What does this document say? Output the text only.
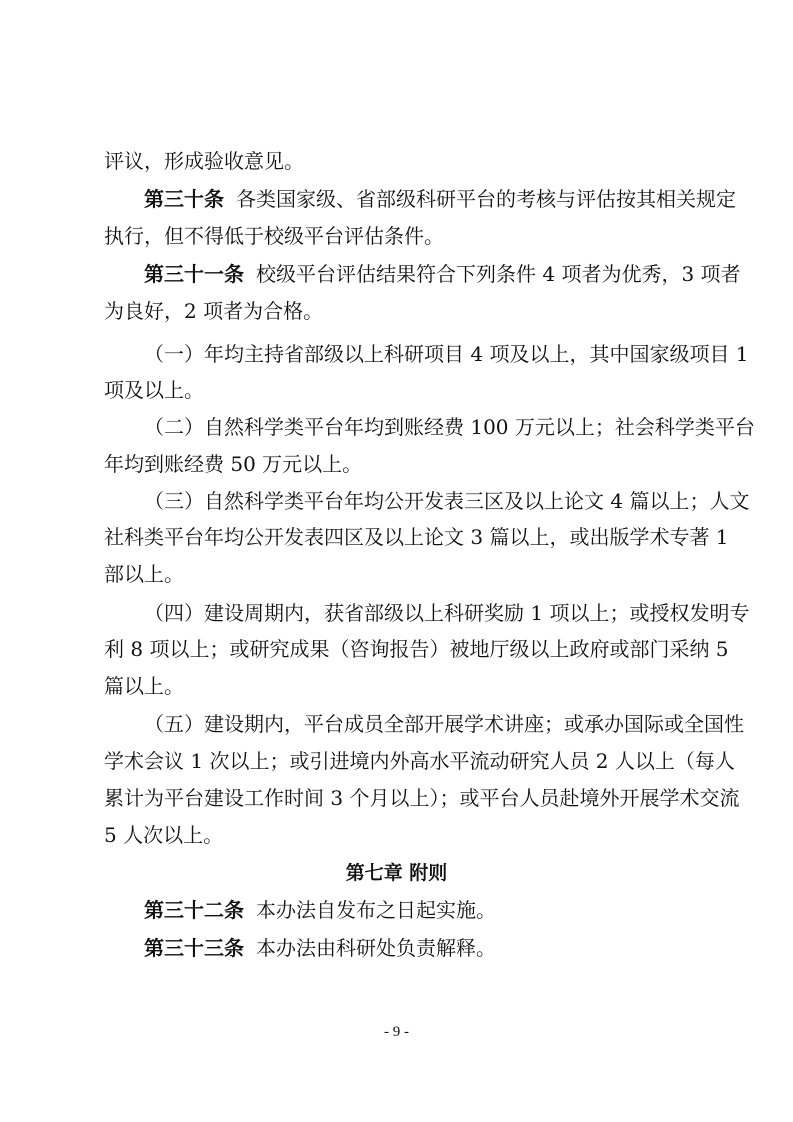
评议，形成验收意见。
第三十条 各类国家级、省部级科研平台的考核与评估按其相关规定
执行，但不得低于校级平台评估条件。
第三十一条 校级平台评估结果符合下列条件 4 项者为优秀，3 项者
为良好，2 项者为合格。
（一）年均主持省部级以上科研项目 4 项及以上，其中国家级项目 1
项及以上。
（二）自然科学类平台年均到账经费 100 万元以上；社会科学类平台
年均到账经费 50 万元以上。
（三）自然科学类平台年均公开发表三区及以上论文 4 篇以上；人文
社科类平台年均公开发表四区及以上论文 3 篇以上，或出版学术专著 1
部以上。
（四）建设周期内，获省部级以上科研奖励 1 项以上；或授权发明专
利 8 项以上；或研究成果（咨询报告）被地厅级以上政府或部门采纳 5
篇以上。
（五）建设期内，平台成员全部开展学术讲座；或承办国际或全国性
学术会议 1 次以上；或引进境内外高水平流动研究人员 2 人以上（每人
累计为平台建设工作时间 3 个月以上）；或平台人员赴境外开展学术交流
5 人次以上。
第七章 附则
第三十二条 本办法自发布之日起实施。
第三十三条 本办法由科研处负责解释。
- 9 -
